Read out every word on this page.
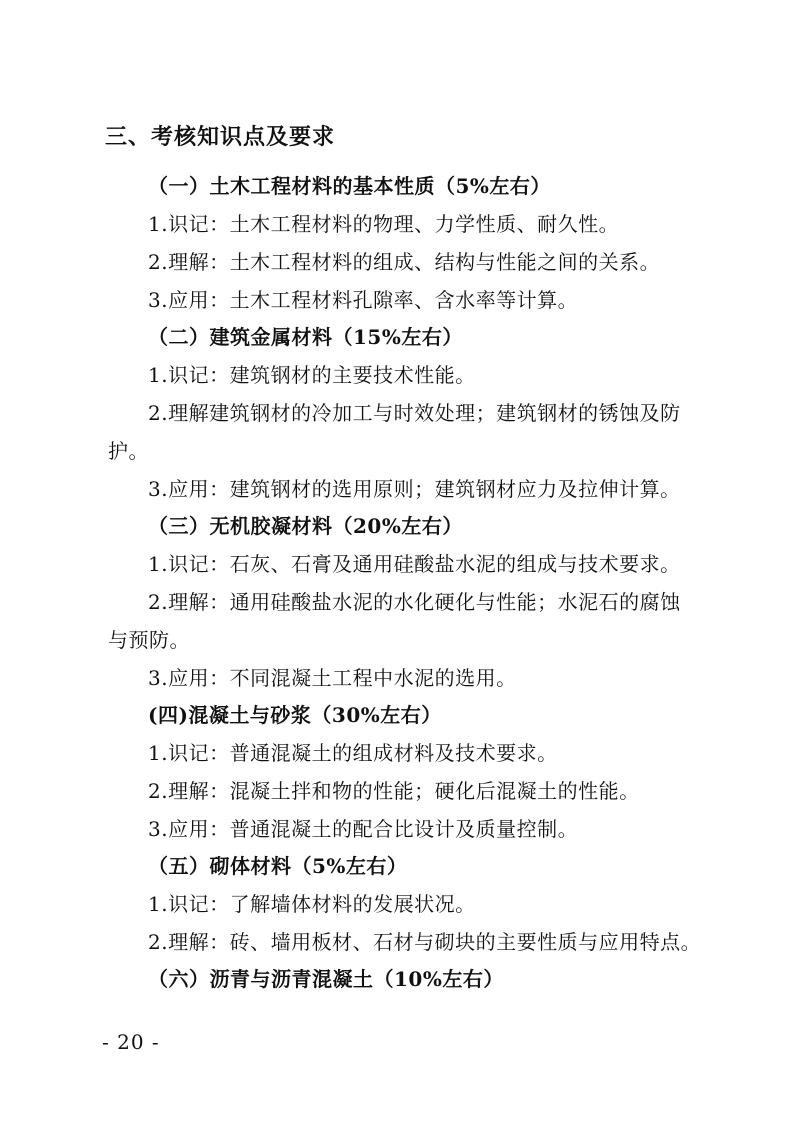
三、考核知识点及要求
（一）土木工程材料的基本性质（5%左右）
1.识记：土木工程材料的物理、力学性质、耐久性。
2.理解：土木工程材料的组成、结构与性能之间的关系。
3.应用：土木工程材料孔隙率、含水率等计算。
（二）建筑金属材料（15%左右）
1.识记：建筑钢材的主要技术性能。
2.理解建筑钢材的冷加工与时效处理；建筑钢材的锈蚀及防
护。
3.应用：建筑钢材的选用原则；建筑钢材应力及拉伸计算。
（三）无机胶凝材料（20%左右）
1.识记：石灰、石膏及通用硅酸盐水泥的组成与技术要求。
2.理解：通用硅酸盐水泥的水化硬化与性能；水泥石的腐蚀
与预防。
3.应用：不同混凝土工程中水泥的选用。
(四)混凝土与砂浆（30%左右）
1.识记：普通混凝土的组成材料及技术要求。
2.理解：混凝土拌和物的性能；硬化后混凝土的性能。
3.应用：普通混凝土的配合比设计及质量控制。
（五）砌体材料（5%左右）
1.识记：了解墙体材料的发展状况。
2.理解：砖、墙用板材、石材与砌块的主要性质与应用特点。
（六）沥青与沥青混凝土（10%左右）
- 20 -
